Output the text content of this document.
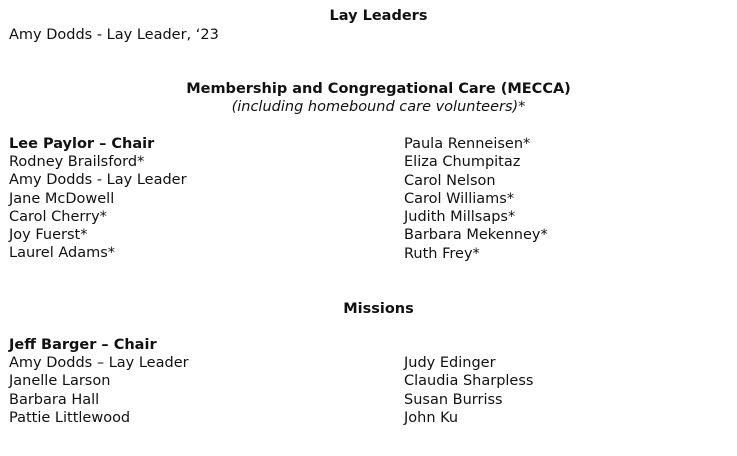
Lay Leaders
Amy Dodds - Lay Leader, ‘23
Membership and Congregational Care (MECCA)
(including homebound care volunteers)*
Lee Paylor – Chair
Rodney Brailsford*
Amy Dodds - Lay Leader
Jane McDowell
Carol Cherry*
Joy Fuerst*
Laurel Adams*
Paula Renneisen*
Eliza Chumpitaz
Carol Nelson
Carol Williams*
Judith Millsaps*
Barbara Mekenney*
Ruth Frey*
Missions
Jeff Barger – Chair
Amy Dodds – Lay Leader
Janelle Larson
Barbara Hall
Pattie Littlewood
Judy Edinger
Claudia Sharpless
Susan Burriss
John Ku
